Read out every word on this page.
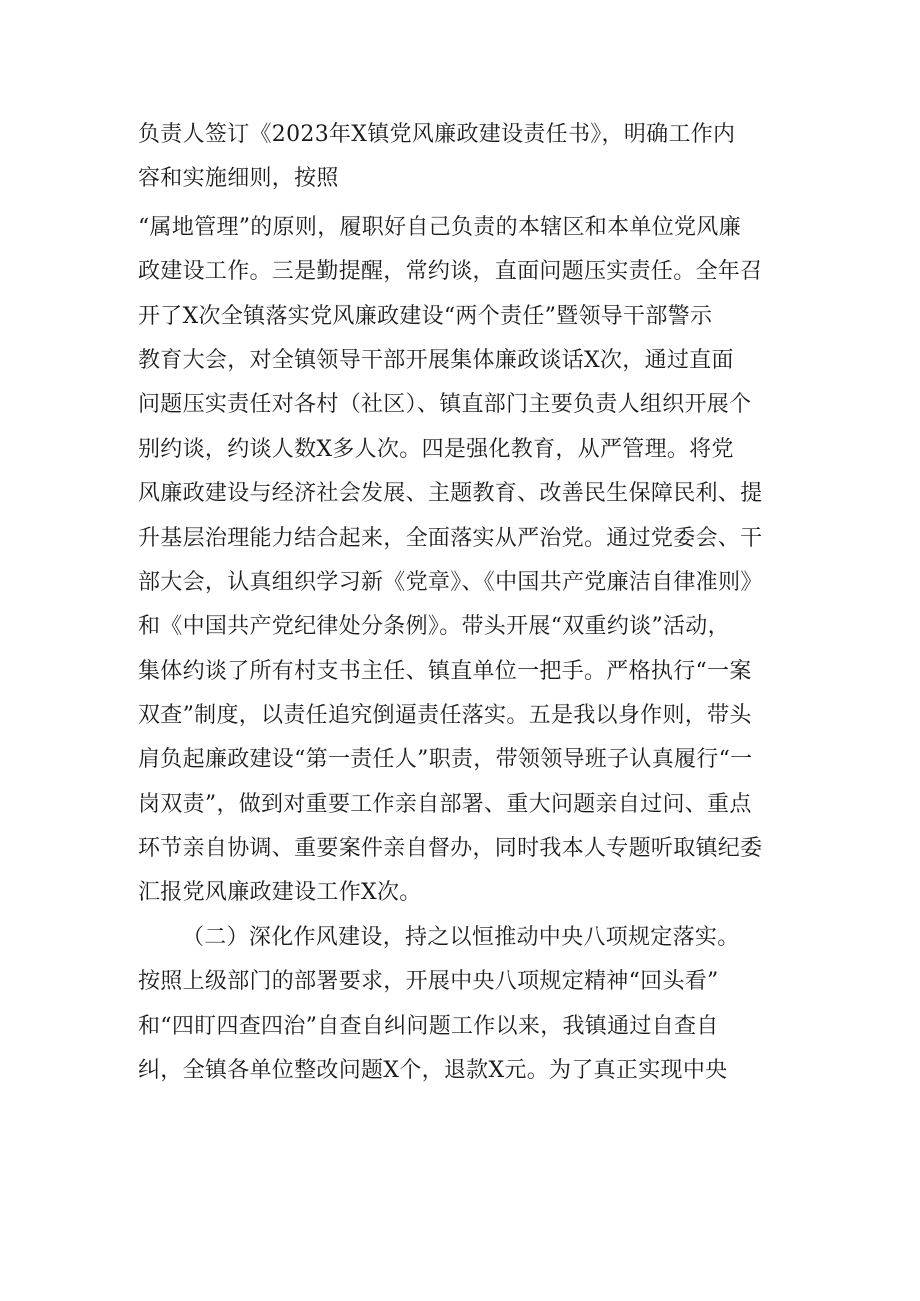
负责人签订《2023年X镇党风廉政建设责任书》，明确工作内

容和实施细则，按照

“属地管理”的原则，履职好自己负责的本辖区和本单位党风廉

政建设工作。三是勤提醒，常约谈，直面问题压实责任。全年召

开了X次全镇落实党风廉政建设“两个责任”暨领导干部警示

教育大会，对全镇领导干部开展集体廉政谈话X次，通过直面

问题压实责任对各村（社区）、镇直部门主要负责人组织开展个

别约谈，约谈人数X多人次。四是强化教育，从严管理。将党

风廉政建设与经济社会发展、主题教育、改善民生保障民利、提

升基层治理能力结合起来，全面落实从严治党。通过党委会、干

部大会，认真组织学习新《党章》、《中国共产党廉洁自律准则》

和《中国共产党纪律处分条例》。带头开展“双重约谈”活动，

集体约谈了所有村支书主任、镇直单位一把手。严格执行“一案

双查”制度，以责任追究倒逼责任落实。五是我以身作则，带头

肩负起廉政建设“第一责任人”职责，带领领导班子认真履行“一

岗双责”，做到对重要工作亲自部署、重大问题亲自过问、重点

环节亲自协调、重要案件亲自督办，同时我本人专题听取镇纪委

汇报党风廉政建设工作X次。

（二）深化作风建设，持之以恒推动中央八项规定落实。

按照上级部门的部署要求，开展中央八项规定精神“回头看”

和“四盯四查四治”自查自纠问题工作以来，我镇通过自查自

纠，全镇各单位整改问题X个，退款X元。为了真正实现中央
